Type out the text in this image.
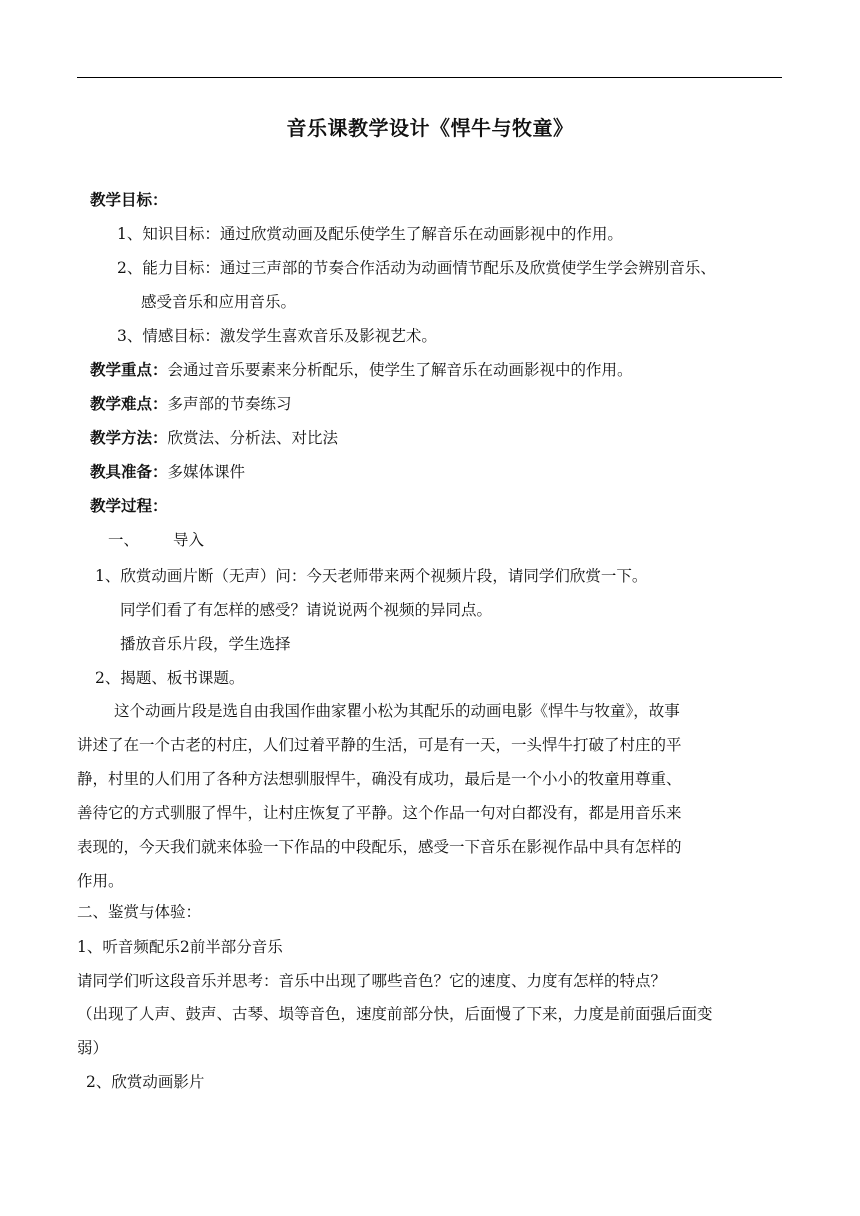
音乐课教学设计《悍牛与牧童》
教学目标：
1、知识目标：通过欣赏动画及配乐使学生了解音乐在动画影视中的作用。
2、能力目标：通过三声部的节奏合作活动为动画情节配乐及欣赏使学生学会辨别音乐、
感受音乐和应用音乐。
3、情感目标：激发学生喜欢音乐及影视艺术。
教学重点：会通过音乐要素来分析配乐，使学生了解音乐在动画影视中的作用。
教学难点：多声部的节奏练习
教学方法：欣赏法、分析法、对比法
教具准备：多媒体课件
教学过程：
一、 导入
1、欣赏动画片断（无声）问：今天老师带来两个视频片段，请同学们欣赏一下。
同学们看了有怎样的感受？请说说两个视频的异同点。
播放音乐片段，学生选择
2、揭题、板书课题。
这个动画片段是选自由我国作曲家瞿小松为其配乐的动画电影《悍牛与牧童》，故事
讲述了在一个古老的村庄，人们过着平静的生活，可是有一天，一头悍牛打破了村庄的平
静，村里的人们用了各种方法想驯服悍牛，确没有成功，最后是一个小小的牧童用尊重、
善待它的方式驯服了悍牛，让村庄恢复了平静。这个作品一句对白都没有，都是用音乐来
表现的，今天我们就来体验一下作品的中段配乐，感受一下音乐在影视作品中具有怎样的
作用。
二、鉴赏与体验：
1、听音频配乐2前半部分音乐
请同学们听这段音乐并思考：音乐中出现了哪些音色？它的速度、力度有怎样的特点？
（出现了人声、鼓声、古琴、埙等音色，速度前部分快，后面慢了下来，力度是前面强后面变
弱）
2、欣赏动画影片
